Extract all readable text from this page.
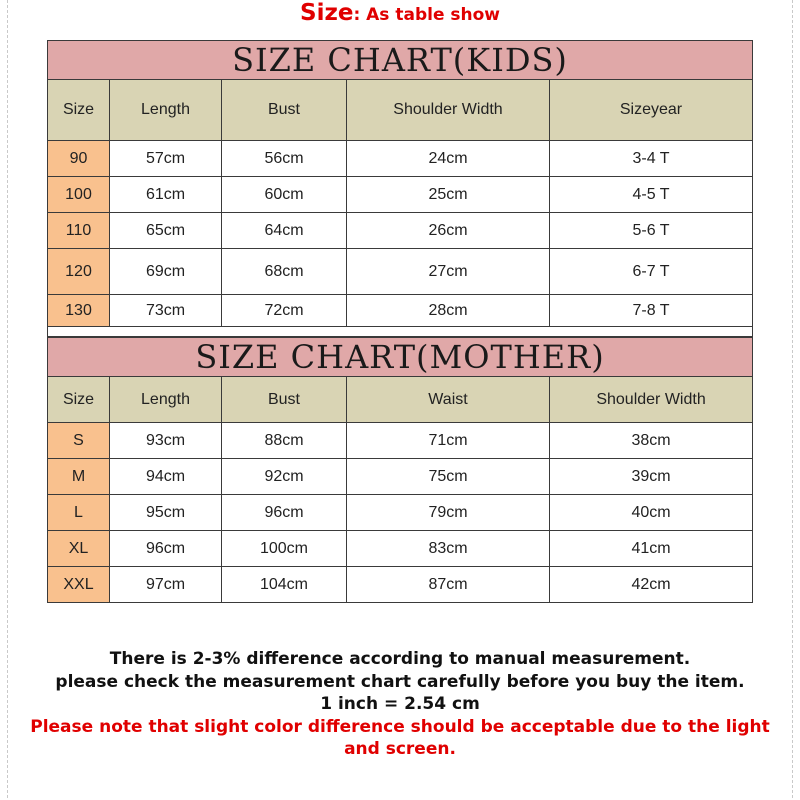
Size: As table show
SIZE CHART(KIDS)				
Size	Length	Bust	Shoulder Width	Sizeyear
90	57cm	56cm	24cm	3-4 T
100	61cm	60cm	25cm	4-5 T
110	65cm	64cm	26cm	5-6 T
120	69cm	68cm	27cm	6-7 T
130	73cm	72cm	28cm	7-8 T

SIZE CHART(MOTHER)				
Size	Length	Bust	Waist	Shoulder Width
S	93cm	88cm	71cm	38cm
M	94cm	92cm	75cm	39cm
L	95cm	96cm	79cm	40cm
XL	96cm	100cm	83cm	41cm
XXL	97cm	104cm	87cm	42cm
There is 2-3% difference according to manual measurement.
please check the measurement chart carefully before you buy the item.
1 inch = 2.54 cm
Please note that slight color difference should be acceptable due to the light and screen.
